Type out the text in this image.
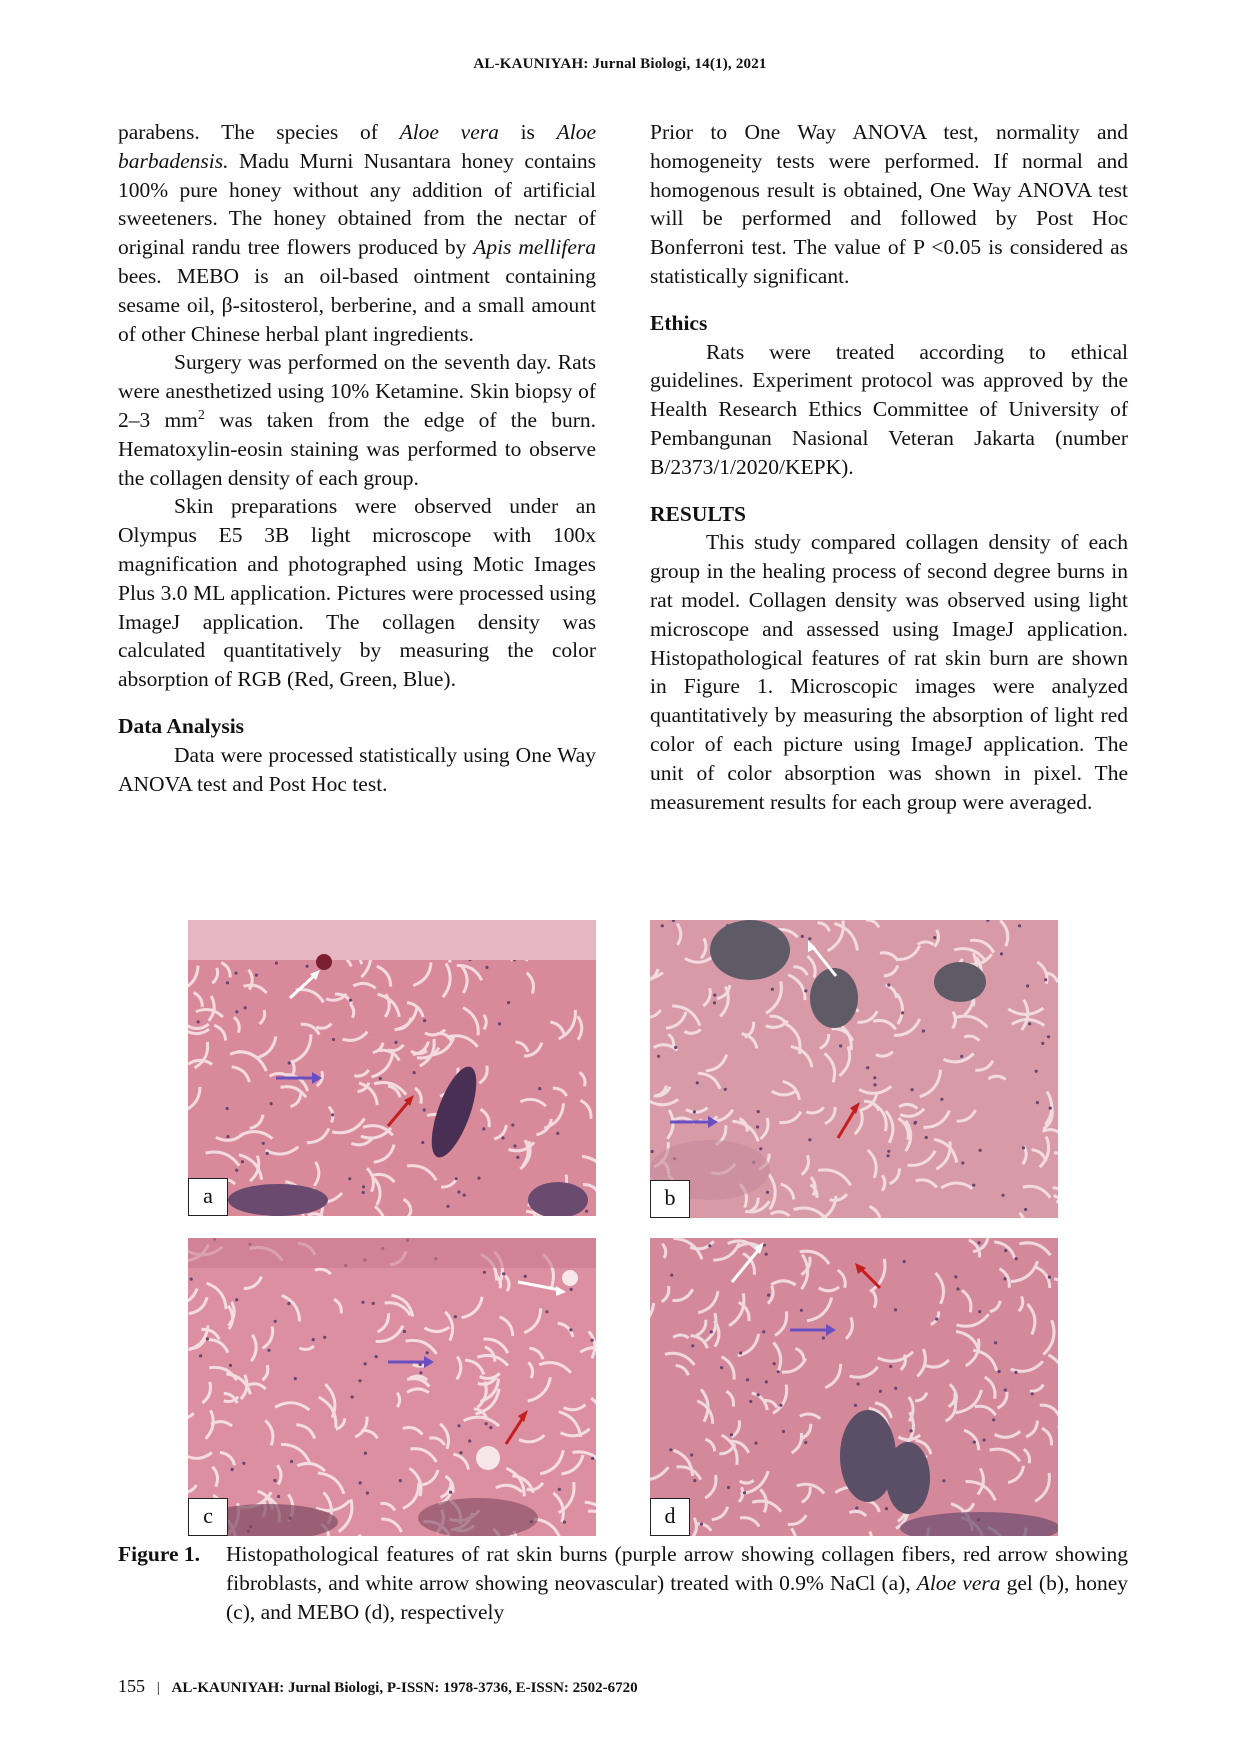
AL-KAUNIYAH: Jurnal Biologi, 14(1), 2021

parabens. The species of Aloe vera is Aloe barbadensis. Madu Murni Nusantara honey contains 100% pure honey without any addition of artificial sweeteners. The honey obtained from the nectar of original randu tree flowers produced by Apis mellifera bees. MEBO is an oil-based ointment containing sesame oil, β-sitosterol, berberine, and a small amount of other Chinese herbal plant ingredients.

Surgery was performed on the seventh day. Rats were anesthetized using 10% Ketamine. Skin biopsy of 2–3 $mm^2$ was taken from the edge of the burn. Hematoxylin-eosin staining was performed to observe the collagen density of each group.

Skin preparations were observed under an Olympus E5 3B light microscope with 100x magnification and photographed using Motic Images Plus 3.0 ML application. Pictures were processed using ImageJ application. The collagen density was calculated quantitatively by measuring the color absorption of RGB (Red, Green, Blue).

Data Analysis

Data were processed statistically using One Way ANOVA test and Post Hoc test.

Prior to One Way ANOVA test, normality and homogeneity tests were performed. If normal and homogenous result is obtained, One Way ANOVA test will be performed and followed by Post Hoc Bonferroni test. The value of P <0.05 is considered as statistically significant.

Ethics

Rats were treated according to ethical guidelines. Experiment protocol was approved by the Health Research Ethics Committee of University of Pembangunan Nasional Veteran Jakarta (number B/2373/1/2020/KEPK).

RESULTS

This study compared collagen density of each group in the healing process of second degree burns in rat model. Collagen density was observed using light microscope and assessed using ImageJ application. Histopathological features of rat skin burn are shown in Figure 1. Microscopic images were analyzed quantitatively by measuring the absorption of light red color of each picture using ImageJ application. The unit of color absorption was shown in pixel. The measurement results for each group were averaged.

a	b
c	d
Figure 1. Histopathological features of rat skin burns (purple arrow showing collagen fibers, red arrow showing fibroblasts, and white arrow showing neovascular) treated with 0.9% NaCl (a), Aloe vera gel (b), honey (c), and MEBO (d), respectively
155 | AL-KAUNIYAH: Jurnal Biologi, P-ISSN: 1978-3736, E-ISSN: 2502-6720
